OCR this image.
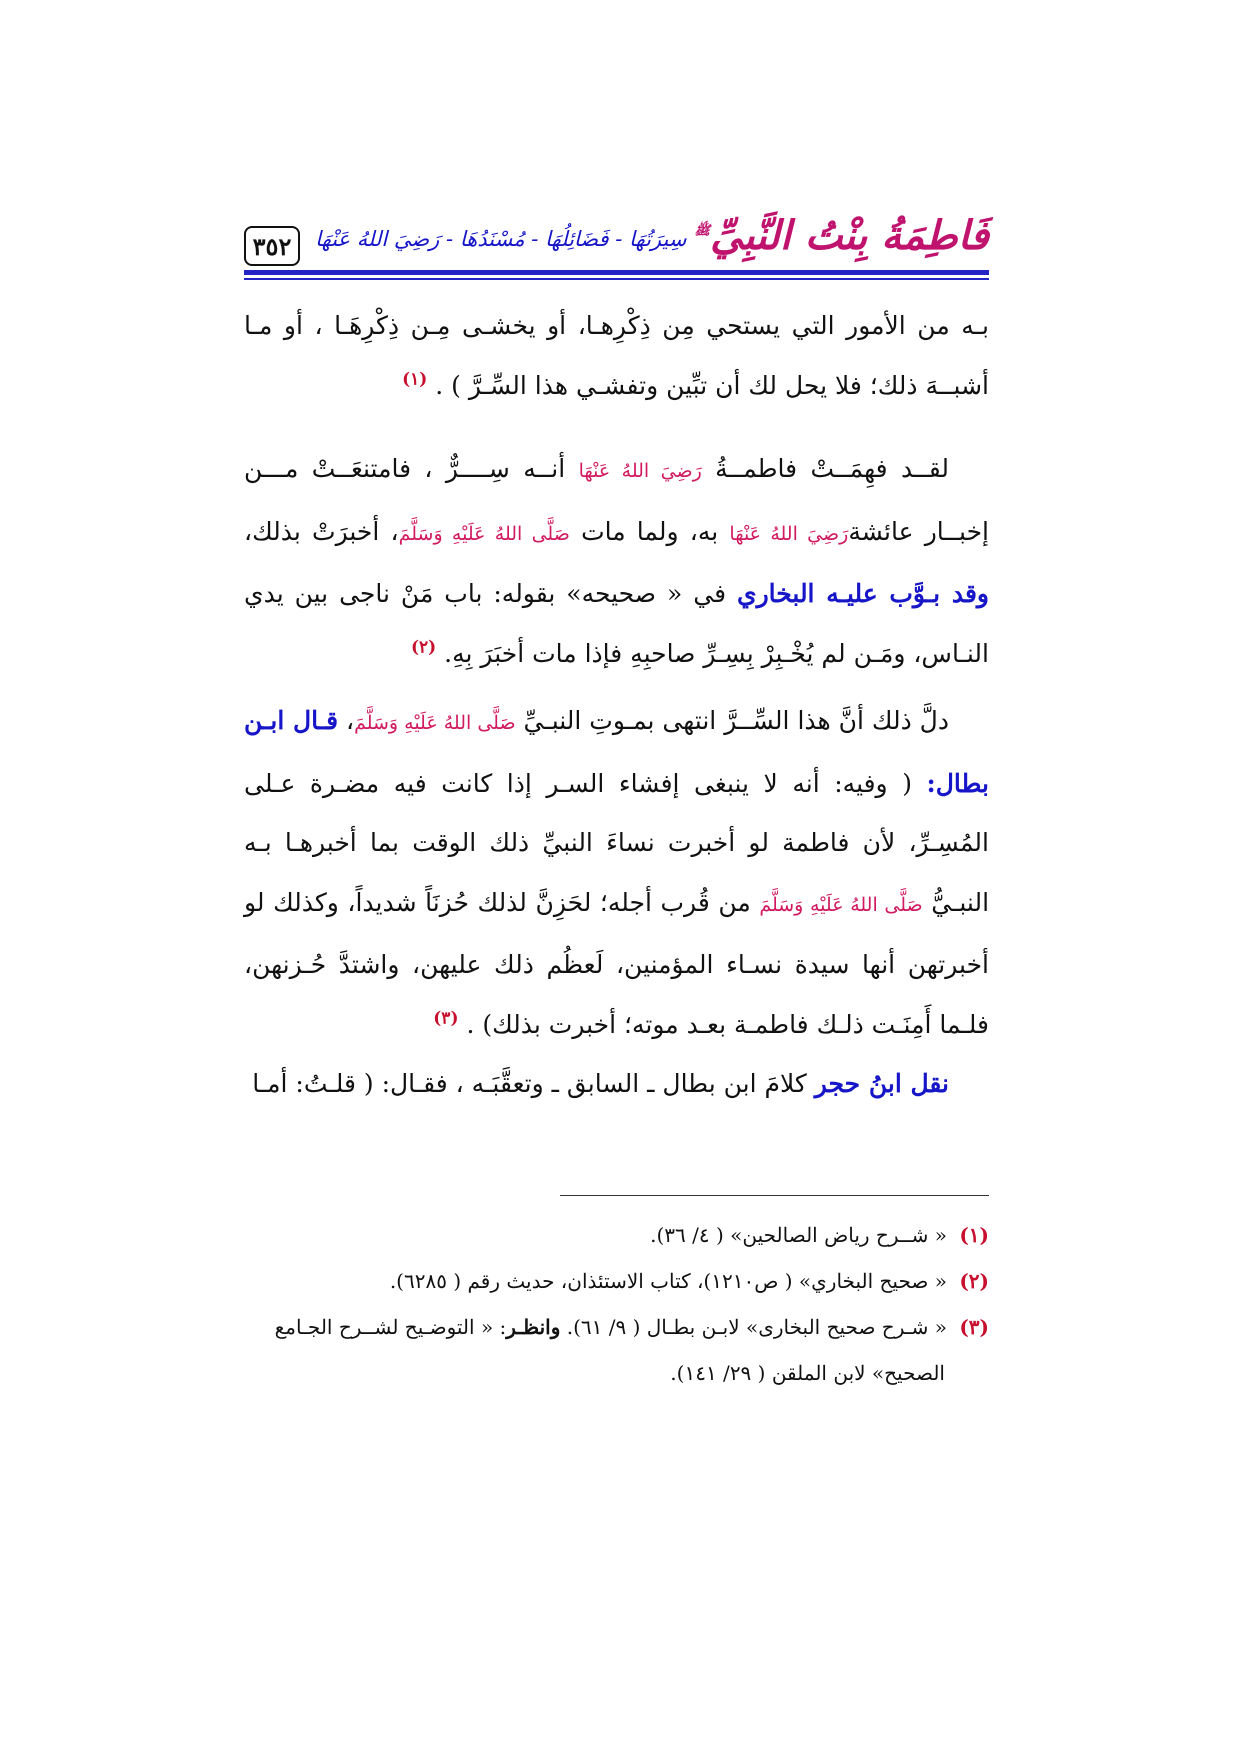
٣٥٢	فَاطِمَةُ بِنْتُ النَّبِيِّ$^ﷺ$
سِيرَتُهَا - فَضَائِلُهَا - مُسْنَدُهَا - رَضِيَ اللهُ عَنْهَا

بـه من الأمور التي يستحي مِن ذِكْرِهـا، أو يخشـى مِـن ذِكْرِهَـا ، أو مـا أشبــهَ ذلك؛ فلا يحل لك أن تبِّين وتفشـي هذا السِّـرَّ ) . $^{(١)}$

لقــد فهِمَــتْ فاطمــةُ رَضِيَ اللهُ عَنْهَا أنــه سِــــرٌّ ، فامتنعَــتْ مـــن إخبــار عائشةرَضِيَ اللهُ عَنْهَا به، ولما مات صَلَّى اللهُ عَلَيْهِ وَسَلَّمَ، أخبرَتْ بذلك، وقد بـوَّب عليـه البخاري في « صحيحه» بقوله: باب مَنْ ناجى بين يدي النـاس، ومَـن لم يُخْـبِرْ بِسِـرِّ صاحبِهِ فإذا مات أخبَرَ بِهِ. $^{(٢)}$

دلَّ ذلك أنَّ هذا السِّــرَّ انتهى بمـوتِ النبـيِّ صَلَّى اللهُ عَلَيْهِ وَسَلَّمَ، قـال ابـن بطال: ( وفيه: أنه لا ينبغى إفشاء السـر إذا كانت فيه مضـرة عـلى المُسِـرِّ، لأن فاطمة لو أخبرت نساءَ النبيِّ ذلك الوقت بما أخبرهـا بـه النبـيُّ صَلَّى اللهُ عَلَيْهِ وَسَلَّمَ من قُرب أجله؛ لحَزِنَّ لذلك حُزنَاً شديداً، وكذلك لو أخبرتهن أنها سيدة نسـاء المؤمنين، لَعظُم ذلك عليهن، واشتدَّ حُـزنهن، فلـما أَمِنَـت ذلـك فاطمـة بعـد موته؛ أخبرت بذلك) . $^{(٣)}$

نقل ابنُ حجر كلامَ ابن بطال ـ السابق ـ وتعقَّبَـه ، فقـال: ( قلـتُ: أمـا

(١) « شــرح رياض الصالحين» ( ٤/ ٣٦).
(٢) « صحيح البخاري» ( ص١٢١٠)، كتاب الاستئذان، حديث رقم ( ٦٢٨٥).
(٣) « شـرح صحيح البخارى» لابـن بطـال ( ٩/ ٦١). وانظـر: « التوضـيح لشــرح الجـامع
الصحيح» لابن الملقن ( ٢٩/ ١٤١).
